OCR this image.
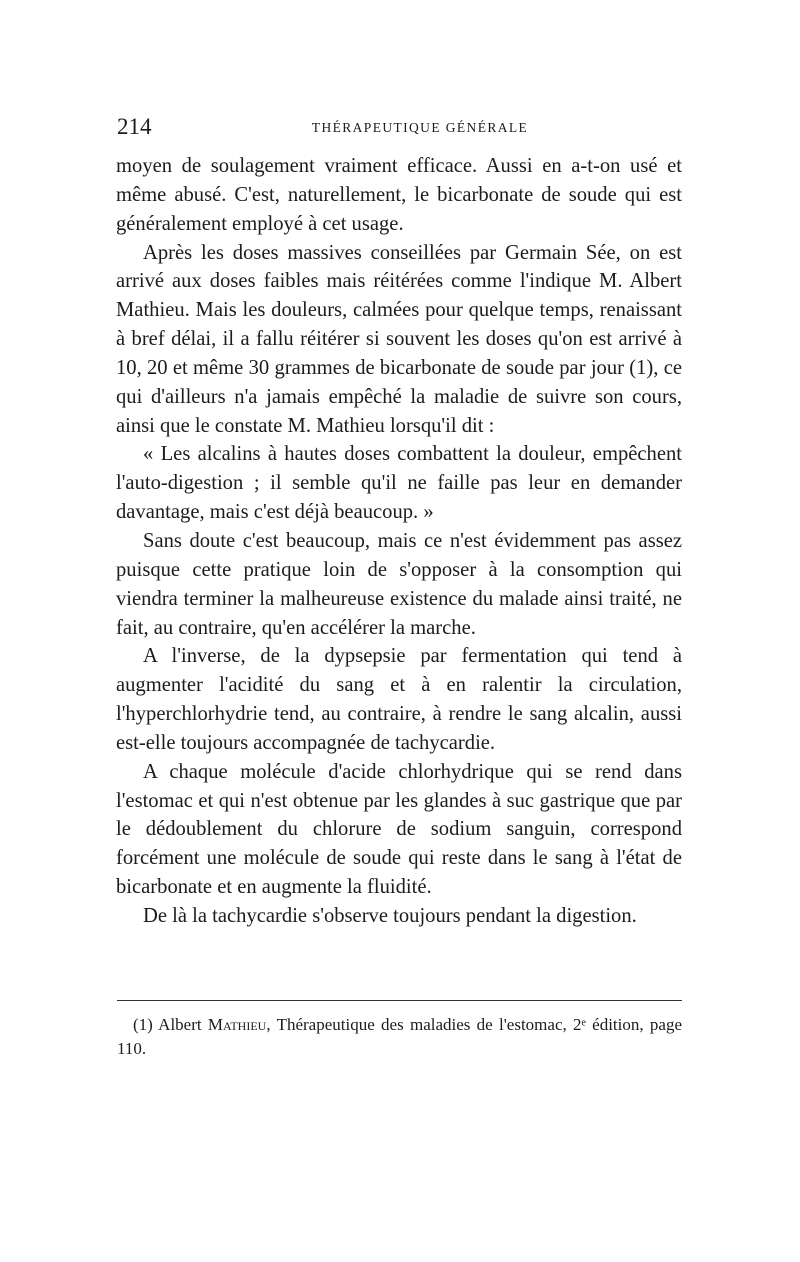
214	THÉRAPEUTIQUE GÉNÉRALE

moyen de soulagement vraiment efficace. Aussi en a-t-on usé et même abusé. C'est, naturellement, le bicarbonate de soude qui est généralement employé à cet usage.

Après les doses massives conseillées par Germain Sée, on est arrivé aux doses faibles mais réitérées comme l'indique M. Albert Mathieu. Mais les douleurs, calmées pour quelque temps, renaissant à bref délai, il a fallu réitérer si souvent les doses qu'on est arrivé à 10, 20 et même 30 grammes de bicarbonate de soude par jour (1), ce qui d'ailleurs n'a jamais empêché la maladie de suivre son cours, ainsi que le constate M. Mathieu lorsqu'il dit :

« Les alcalins à hautes doses combattent la douleur, empêchent l'auto-digestion ; il semble qu'il ne faille pas leur en demander davantage, mais c'est déjà beaucoup. »

Sans doute c'est beaucoup, mais ce n'est évidemment pas assez puisque cette pratique loin de s'opposer à la consomption qui viendra terminer la malheureuse existence du malade ainsi traité, ne fait, au contraire, qu'en accélérer la marche.

A l'inverse, de la dypsepsie par fermentation qui tend à augmenter l'acidité du sang et à en ralentir la circulation, l'hyperchlorhydrie tend, au contraire, à rendre le sang alcalin, aussi est-elle toujours accompagnée de tachycardie.

A chaque molécule d'acide chlorhydrique qui se rend dans l'estomac et qui n'est obtenue par les glandes à suc gastrique que par le dédoublement du chlorure de sodium sanguin, correspond forcément une molécule de soude qui reste dans le sang à l'état de bicarbonate et en augmente la fluidité.

De là la tachycardie s'observe toujours pendant la digestion.

(1) Albert Mathieu, Thérapeutique des maladies de l'estomac, 2ᵉ édition, page 110.
